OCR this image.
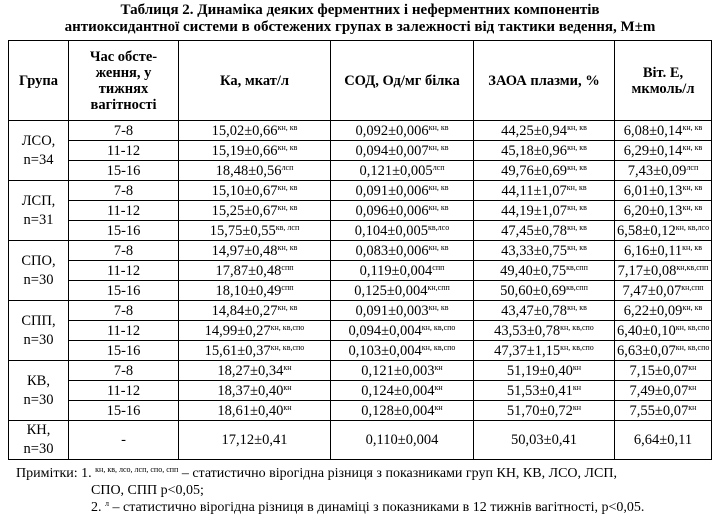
Таблиця 2. Динаміка деяких ферментних і неферментних компонентів
антиоксидантної системи в обстежених групах в залежності від тактики ведення, M±m
Група	Час обсте-ження, у тижнях вагітності	Ка, мкат/л	СОД, Од/мг білка	ЗАОА плазми, %	Віт. Е, мкмоль/л
ЛСО, n=34	7-8	$15,02\pm 0,66^{кн, кв}$	$0,092\pm 0,006^{кн, кв}$	$44,25\pm 0,94^{кн, кв}$	$6,08\pm 0,14^{кн, кв}$
	11-12	$15,19\pm 0,66^{кн, кв}$	$0,094\pm 0,007^{кн, кв}$	$45,18\pm 0,96^{кн, кв}$	$6,29\pm 0,14^{кн, кв}$
	15-16	$18,48\pm 0,56^{лсп}$	$0,121\pm 0,005^{лсп}$	$49,76\pm 0,69^{кн, кв}$	$7,43\pm 0,09^{лсп}$
ЛСП, n=31	7-8	$15,10\pm 0,67^{кн, кв}$	$0,091\pm 0,006^{кн, кв}$	$44,11\pm 1,07^{кн, кв}$	$6,01\pm 0,13^{кн, кв}$
	11-12	$15,25\pm 0,67^{кн, кв}$	$0,096\pm 0,006^{кн, кв}$	$44,19\pm 1,07^{кн, кв}$	$6,20\pm 0,13^{кн, кв}$
	15-16	$15,75\pm 0,55^{кв, лсп}$	$0,104\pm 0,005^{кв,лсо}$	$47,45\pm 0,78^{кн, кв}$	$6,58\pm 0,12^{кн, кв,лсо}$
СПО, n=30	7-8	$14,97\pm 0,48^{кн, кв}$	$0,083\pm 0,006^{кн, кв}$	$43,33\pm 0,75^{кн, кв}$	$6,16\pm 0,11^{кн, кв}$
	11-12	$17,87\pm 0,48^{спп}$	$0,119\pm 0,004^{спп}$	$49,40\pm 0,75^{кв,спп}$	$7,17\pm 0,08^{кн,кв,спп}$
	15-16	$18,10\pm 0,49^{спп}$	$0,125\pm 0,004^{кн,спп}$	$50,60\pm 0,69^{кв,спп}$	$7,47\pm 0,07^{кн,спп}$
СПП, n=30	7-8	$14,84\pm 0,27^{кн, кв}$	$0,091\pm 0,003^{кн, кв}$	$43,47\pm 0,78^{кн, кв}$	$6,22\pm 0,09^{кн, кв}$
	11-12	$14,99\pm 0,27^{кн, кв,спо}$	$0,094\pm 0,004^{кн, кв,спо}$	$43,53\pm 0,78^{кн, кв,спо}$	$6,40\pm 0,10^{кн, кв,спо}$
	15-16	$15,61\pm 0,37^{кн, кв,спо}$	$0,103\pm 0,004^{кн, кв,спо}$	$47,37\pm 1,15^{кн, кв,спо}$	$6,63\pm 0,07^{кн, кв,спо}$
КВ, n=30	7-8	$18,27\pm 0,34^{кн}$	$0,121\pm 0,003^{кн}$	$51,19\pm 0,40^{кн}$	$7,15\pm 0,07^{кн}$
	11-12	$18,37\pm 0,40^{кн}$	$0,124\pm 0,004^{кн}$	$51,53\pm 0,41^{кн}$	$7,49\pm 0,07^{кн}$
	15-16	$18,61\pm 0,40^{кн}$	$0,128\pm 0,004^{кн}$	$51,70\pm 0,72^{кн}$	$7,55\pm 0,07^{кн}$
КН, n=30	-	17,12±0,41	0,110±0,004	50,03±0,41	6,64±0,11
Примітки: 1. $^{кн, кв, лсо, лсп, спо, спп}$ – статистично вірогідна різниця з показниками груп КН, КВ, ЛСО, ЛСП,
СПО, СПП p<0,05;
2. $^л$ – статистично вірогідна різниця в динаміці з показниками в 12 тижнів вагітності, p<0,05.
